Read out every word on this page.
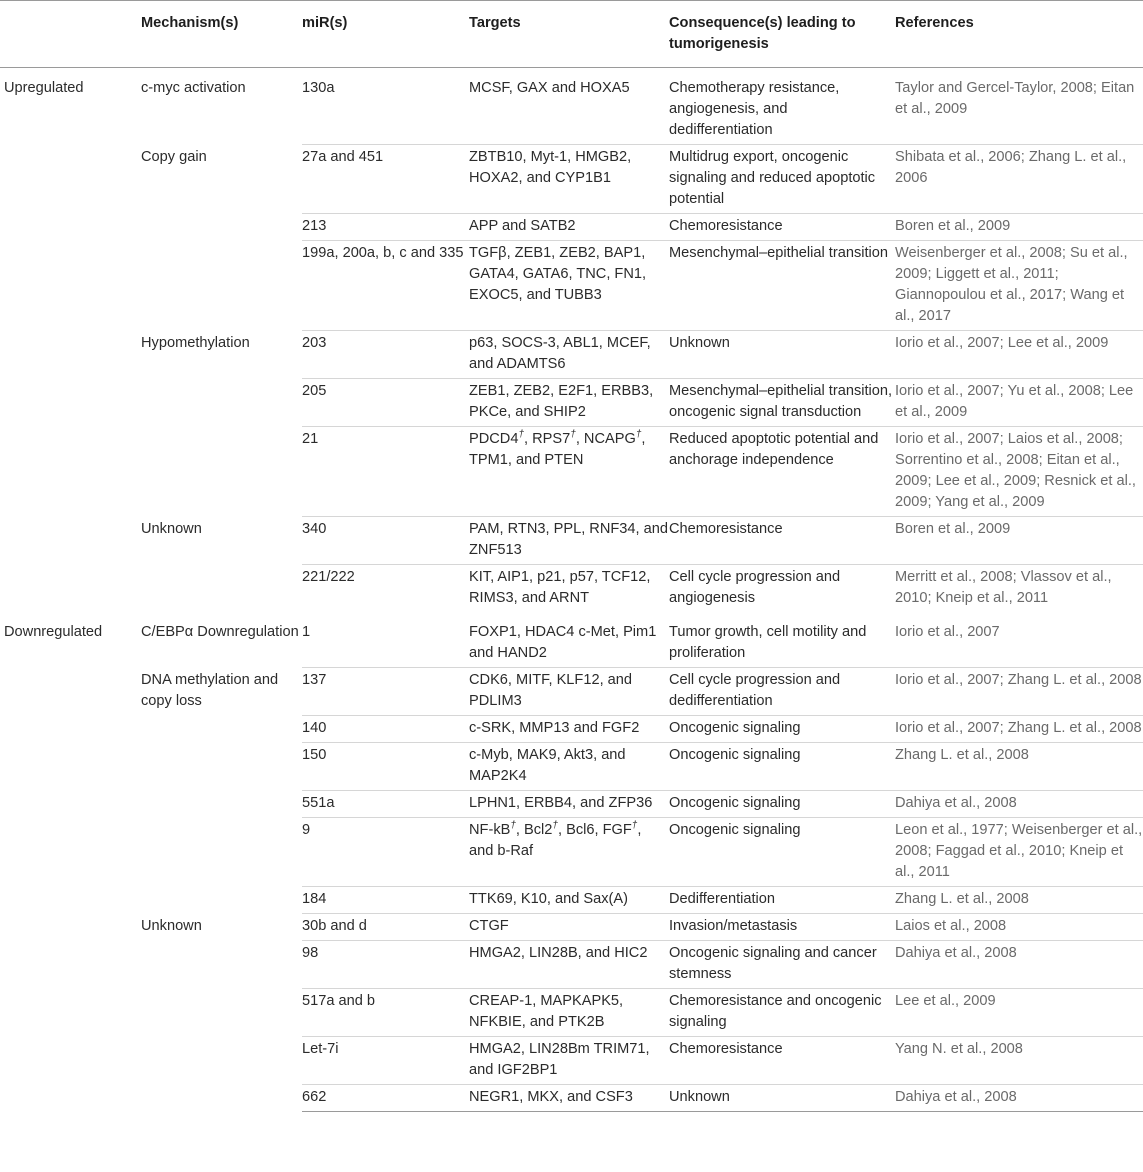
	Mechanism(s)	miR(s)	Targets	Consequence(s) leading to tumorigenesis	References
Upregulated	c-myc activation	130a	MCSF, GAX and HOXA5	Chemotherapy resistance, angiogenesis, and dedifferentiation	Taylor and Gercel-Taylor, 2008; Eitan et al., 2009
	Copy gain	27a and 451	ZBTB10, Myt-1, HMGB2, HOXA2, and CYP1B1	Multidrug export, oncogenic signaling and reduced apoptotic potential	Shibata et al., 2006; Zhang L. et al., 2006
		213	APP and SATB2	Chemoresistance	Boren et al., 2009
		199a, 200a, b, c and 335	TGFβ, ZEB1, ZEB2, BAP1, GATA4, GATA6, TNC, FN1, EXOC5, and TUBB3	Mesenchymal–epithelial transition	Weisenberger et al., 2008; Su et al., 2009; Liggett et al., 2011; Giannopoulou et al., 2017; Wang et al., 2017
	Hypomethylation	203	p63, SOCS-3, ABL1, MCEF, and ADAMTS6	Unknown	Iorio et al., 2007; Lee et al., 2009
		205	ZEB1, ZEB2, E2F1, ERBB3, PKCe, and SHIP2	Mesenchymal–epithelial transition, oncogenic signal transduction	Iorio et al., 2007; Yu et al., 2008; Lee et al., 2009
		21	PDCD4†, RPS7†, NCAPG†, TPM1, and PTEN	Reduced apoptotic potential and anchorage independence	Iorio et al., 2007; Laios et al., 2008; Sorrentino et al., 2008; Eitan et al., 2009; Lee et al., 2009; Resnick et al., 2009; Yang et al., 2009
	Unknown	340	PAM, RTN3, PPL, RNF34, and ZNF513	Chemoresistance	Boren et al., 2009
		221/222	KIT, AIP1, p21, p57, TCF12, RIMS3, and ARNT	Cell cycle progression and angiogenesis	Merritt et al., 2008; Vlassov et al., 2010; Kneip et al., 2011
Downregulated	C/EBPα Downregulation	1	FOXP1, HDAC4 c-Met, Pim1 and HAND2	Tumor growth, cell motility and proliferation	Iorio et al., 2007
	DNA methylation and copy loss	137	CDK6, MITF, KLF12, and PDLIM3	Cell cycle progression and dedifferentiation	Iorio et al., 2007; Zhang L. et al., 2008
		140	c-SRK, MMP13 and FGF2	Oncogenic signaling	Iorio et al., 2007; Zhang L. et al., 2008
		150	c-Myb, MAK9, Akt3, and MAP2K4	Oncogenic signaling	Zhang L. et al., 2008
		551a	LPHN1, ERBB4, and ZFP36	Oncogenic signaling	Dahiya et al., 2008
		9	NF-kB†, Bcl2†, Bcl6, FGF†, and b-Raf	Oncogenic signaling	Leon et al., 1977; Weisenberger et al., 2008; Faggad et al., 2010; Kneip et al., 2011
		184	TTK69, K10, and Sax(A)	Dedifferentiation	Zhang L. et al., 2008
	Unknown	30b and d	CTGF	Invasion/metastasis	Laios et al., 2008
		98	HMGA2, LIN28B, and HIC2	Oncogenic signaling and cancer stemness	Dahiya et al., 2008
		517a and b	CREAP-1, MAPKAPK5, NFKBIE, and PTK2B	Chemoresistance and oncogenic signaling	Lee et al., 2009
		Let-7i	HMGA2, LIN28Bm TRIM71, and IGF2BP1	Chemoresistance	Yang N. et al., 2008
		662	NEGR1, MKX, and CSF3	Unknown	Dahiya et al., 2008
